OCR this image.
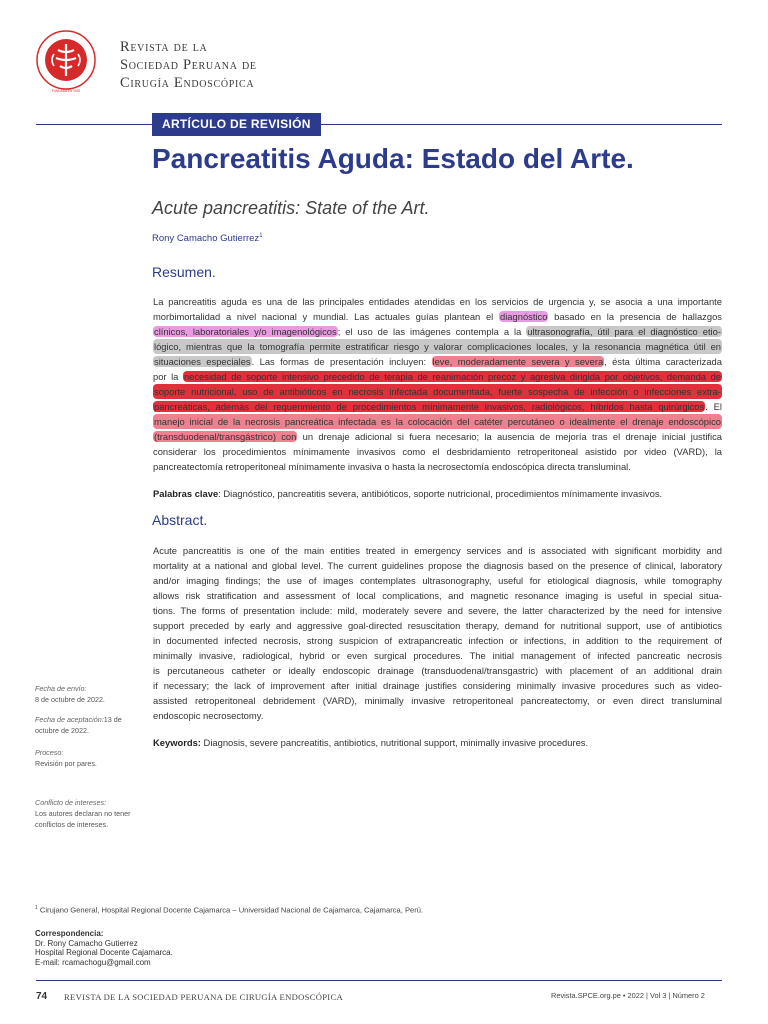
FUNDADA EN 1992
Revista de la
Sociedad Peruana de
Cirugía Endoscópica
ARTÍCULO DE REVISIÓN
Pancreatitis Aguda: Estado del Arte.
Acute pancreatitis: State of the Art.
Rony Camacho Gutierrez$^1$
Resumen.
La pancreatitis aguda es una de las principales entidades atendidas en los servicios de urgencia y, se asocia a una importante
morbimortalidad a nivel nacional y mundial. Las actuales guías plantean el diagnóstico basado en la presencia de hallazgos
clínicos, laboratoriales y/o imagenológicos; el uso de las imágenes contempla a la ultrasonografía, útil para el diagnóstico etio-
lógico, mientras que la tomografía permite estratificar riesgo y valorar complicaciones locales, y la resonancia magnética útil en
situaciones especiales. Las formas de presentación incluyen: leve, moderadamente severa y severa, ésta última caracterizada
por la necesidad de soporte intensivo precedido de terapia de reanimación precoz y agresiva dirigida por objetivos, demanda de
soporte nutricional, uso de antibióticos en necrosis infectada documentada, fuerte sospecha de infección o infecciones extra-
pancreáticas, además del requerimiento de procedimientos mínimamente invasivos, radiológicos, híbridos hasta quirúrgicos. El
manejo inicial de la necrosis pancreática infectada es la colocación del catéter percutáneo o idealmente el drenaje endoscópico
(transduodenal/transgástrico) con un drenaje adicional si fuera necesario; la ausencia de mejoría tras el drenaje inicial justifica
considerar los procedimientos mínimamente invasivos como el desbridamiento retroperitoneal asistido por video (VARD), la
pancreatectomía retroperitoneal mínimamente invasiva o hasta la necrosectomía endoscópica directa transluminal.
Palabras clave: Diagnóstico, pancreatitis severa, antibióticos, soporte nutricional, procedimientos mínimamente invasivos.
Abstract.
Acute pancreatitis is one of the main entities treated in emergency services and is associated with significant morbidity and
mortality at a national and global level. The current guidelines propose the diagnosis based on the presence of clinical, laboratory
and/or imaging findings; the use of images contemplates ultrasonography, useful for etiological diagnosis, while tomography
allows risk stratification and assessment of local complications, and magnetic resonance imaging is useful in special situa-
tions. The forms of presentation include: mild, moderately severe and severe, the latter characterized by the need for intensive
support preceded by early and aggressive goal-directed resuscitation therapy, demand for nutritional support, use of antibiotics
in documented infected necrosis, strong suspicion of extrapancreatic infection or infections, in addition to the requirement of
minimally invasive, radiological, hybrid or even surgical procedures. The initial management of infected pancreatic necrosis
is percutaneous catheter or ideally endoscopic drainage (transduodenal/transgastric) with placement of an additional drain
if necessary; the lack of improvement after initial drainage justifies considering minimally invasive procedures such as video-
assisted retroperitoneal debridement (VARD), minimally invasive retroperitoneal pancreatectomy, or even direct transluminal
endoscopic necrosectomy.
Keywords: Diagnosis, severe pancreatitis, antibiotics, nutritional support, minimally invasive procedures.
Fecha de envío:
8 de octubre de 2022.
Fecha de aceptación:13 de octubre de 2022.
Proceso:
Revisión por pares.
Conflicto de intereses:
Los autores declaran no tener conflictos de intereses.
$^1$ Cirujano General, Hospital Regional Docente Cajamarca – Universidad Nacional de Cajamarca, Cajamarca, Perú.
Correspondencia:
Dr. Rony Camacho Gutierrez
Hospital Regional Docente Cajamarca.
E-mail: rcamachogu@gmail.com
74 REVISTA DE LA SOCIEDAD PERUANA DE CIRUGÍA ENDOSCÓPICA	Revista.SPCE.org.pe • 2022 | Vol 3 | Número 2
